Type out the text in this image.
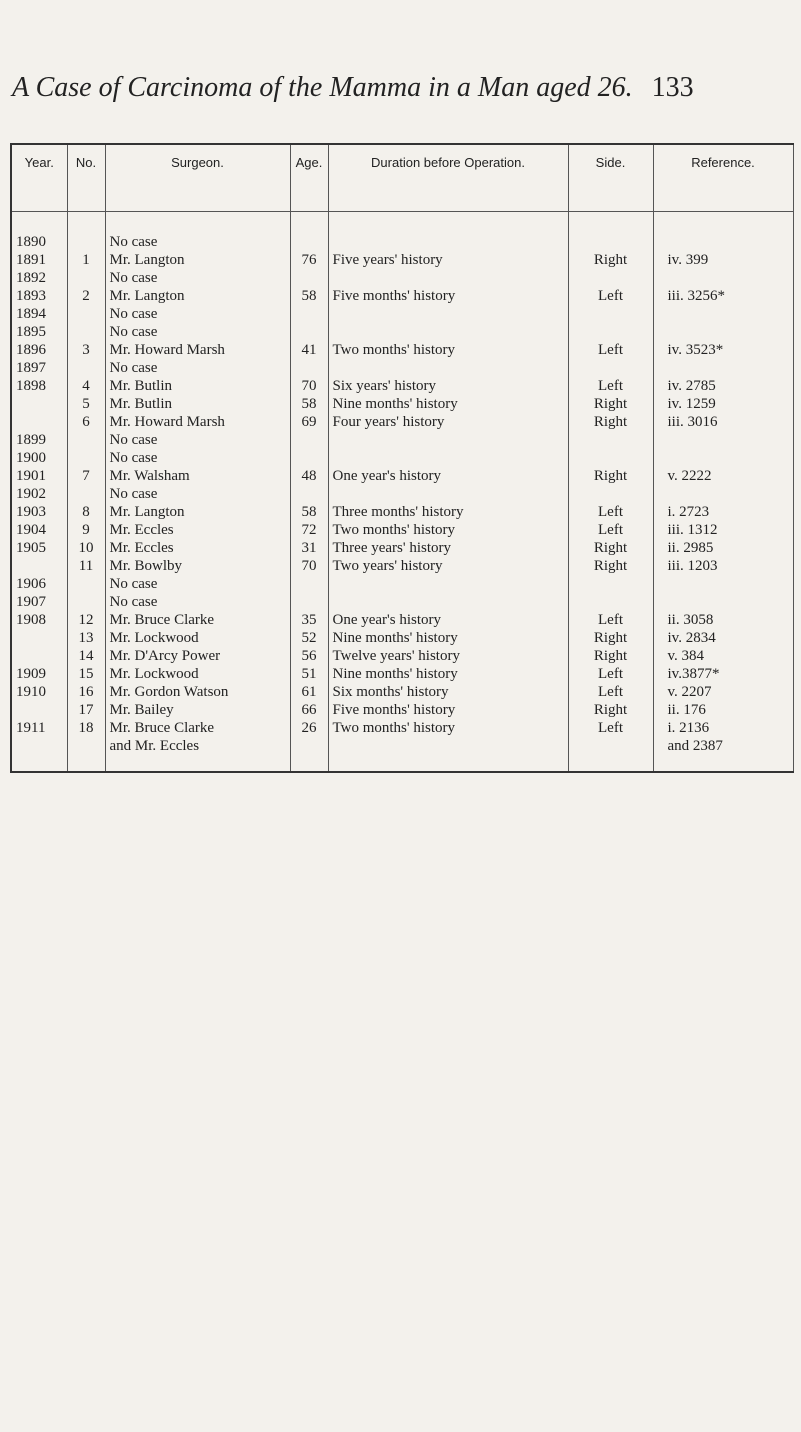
A Case of Carcinoma of the Mamma in a Man aged 26. 133
Year.	No.	Surgeon.	Age.	Duration before Operation.	Side.	Reference.

1890		No case				
1891	1	Mr. Langton	76	Five years' history	Right	iv. 399
1892		No case				
1893	2	Mr. Langton	58	Five months' history	Left	iii. 3256*
1894		No case				
1895		No case				
1896	3	Mr. Howard Marsh	41	Two months' history	Left	iv. 3523*
1897		No case				
1898	4	Mr. Butlin	70	Six years' history	Left	iv. 2785
	5	Mr. Butlin	58	Nine months' history	Right	iv. 1259
	6	Mr. Howard Marsh	69	Four years' history	Right	iii. 3016
1899		No case				
1900		No case				
1901	7	Mr. Walsham	48	One year's history	Right	v. 2222
1902		No case				
1903	8	Mr. Langton	58	Three months' history	Left	i. 2723
1904	9	Mr. Eccles	72	Two months' history	Left	iii. 1312
1905	10	Mr. Eccles	31	Three years' history	Right	ii. 2985
	11	Mr. Bowlby	70	Two years' history	Right	iii. 1203
1906		No case				
1907		No case				
1908	12	Mr. Bruce Clarke	35	One year's history	Left	ii. 3058
	13	Mr. Lockwood	52	Nine months' history	Right	iv. 2834
	14	Mr. D'Arcy Power	56	Twelve years' history	Right	v. 384
1909	15	Mr. Lockwood	51	Nine months' history	Left	iv.3877*
1910	16	Mr. Gordon Watson	61	Six months' history	Left	v. 2207
	17	Mr. Bailey	66	Five months' history	Right	ii. 176
1911	18	Mr. Bruce Clarke	26	Two months' history	Left	i. 2136
		and Mr. Eccles				and 2387
